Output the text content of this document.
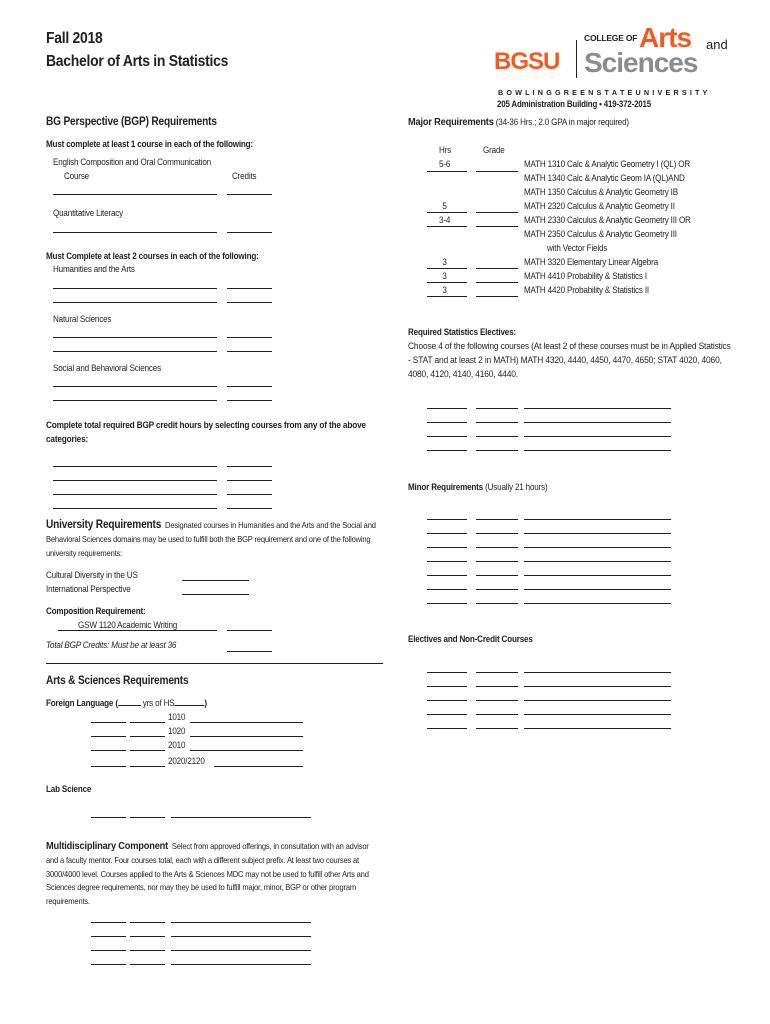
Fall 2018
Bachelor of Arts in Statistics	BGSU
COLLEGE OF Arts and
Sciences
B O W L I N G G R E E N S T A T E U N I V E R S I T Y
205 Administration Building • 419-372-2015
BG Perspective (BGP) Requirements
Must complete at least 1 course in each of the following:
English Composition and Oral Communication
Course	Credits
Quantitative Literacy
Must Complete at least 2 courses in each of the following:
Humanities and the Arts
Natural Sciences
Social and Behavioral Sciences
Complete total required BGP credit hours by selecting courses from any of the above categories:
University Requirements Designated courses in Humanities and the Arts and the Social and Behavioral Sciences domains may be used to fulfill both the BGP requirement and one of the following university requirements:
Cultural Diversity in the US
International Perspective
Composition Requirement:
GSW 1120 Academic Writing
Total BGP Credits: Must be at least 36
Arts & Sciences Requirements
Foreign Language (	yrs of HS	)
1010
1020
2010
2020/2120
Lab Science
Multidisciplinary Component Select from approved offerings, in consultation with an advisor and a faculty mentor. Four courses total, each with a different subject prefix. At least two courses at 3000/4000 level. Courses applied to the Arts & Sciences MDC may not be used to fulfill other Arts and Sciences degree requirements, nor may they be used to fulfill major, minor, BGP or other program requirements.
Major Requirements (34-36 Hrs.; 2.0 GPA in major required)
Hrs	Grade
5-6	MATH 1310 Calc & Analytic Geometry I (QL) OR
MATH 1340 Calc & Analytic Geom IA (QL)AND
MATH 1350 Calculus & Analytic Geometry IB
5	MATH 2320 Calculus & Analytic Geometry II
3-4	MATH 2330 Calculus & Analytic Geometry III OR
MATH 2350 Calculus & Analytic Geometry III
with Vector Fields
3	MATH 3320 Elementary Linear Algebra
3	MATH 4410 Probability & Statistics I
3	MATH 4420 Probability & Statistics II
Required Statistics Electives:
Choose 4 of the following courses (At least 2 of these courses must be in Applied Statistics - STAT and at least 2 in MATH) MATH 4320, 4440, 4450, 4470, 4650; STAT 4020, 4060, 4080, 4120, 4140, 4160, 4440.
Minor Requirements (Usually 21 hours)
Electives and Non-Credit Courses
